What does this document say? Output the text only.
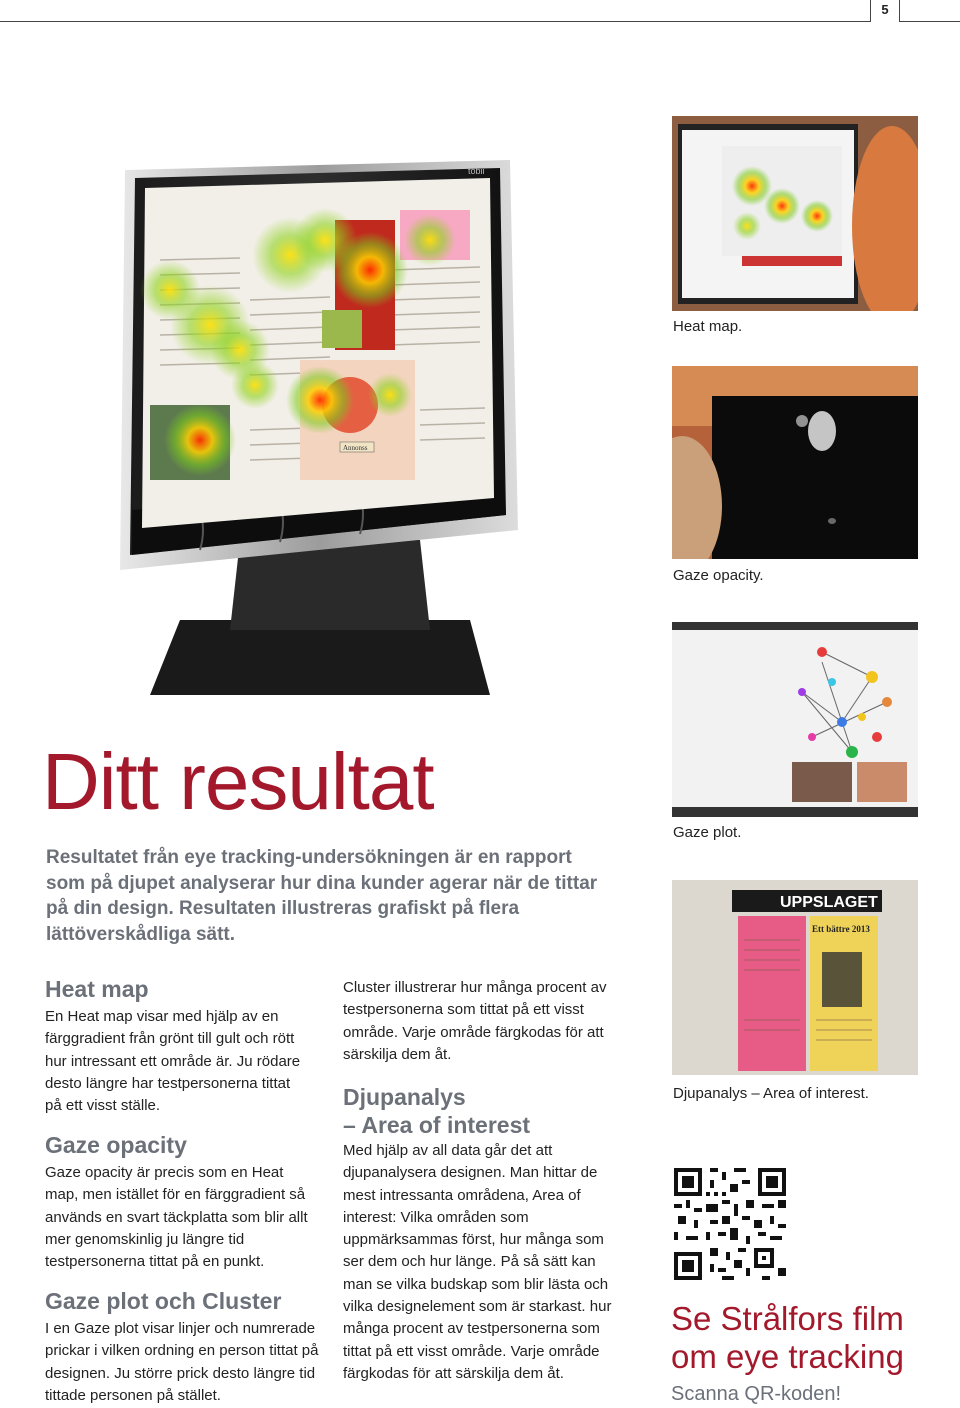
5
Annonss
tobii
Heat map.
Gaze opacity.
Gaze plot.
UPPSLAGET
Ett bättre 2013
Djupanalys – Area of interest.
Ditt resultat

Resultatet från eye tracking-undersökningen är en rapport som på djupet analyserar hur dina kunder agerar när de tittar på din design. Resultaten illustreras grafiskt på flera lättöverskådliga sätt.

Heat map

En Heat map visar med hjälp av en färggradient från grönt till gult och rött hur intressant ett område är. Ju rödare desto längre har testpersonerna tittat på ett visst ställe.

Gaze opacity

Gaze opacity är precis som en Heat map, men istället för en färggradient så används en svart täckplatta som blir allt mer genomskinlig ju längre tid testpersonerna tittat på en punkt.

Gaze plot och Cluster

I en Gaze plot visar linjer och numrerade prickar i vilken ordning en person tittat på designen. Ju större prick desto längre tid tittade personen på stället.

Cluster illustrerar hur många procent av testpersonerna som tittat på ett visst område. Varje område färgkodas för att särskilja dem åt.

Djupanalys
– Area of interest

Med hjälp av all data går det att djupanalysera designen. Man hittar de mest intressanta områdena, Area of interest: Vilka områden som uppmärksammas först, hur många som ser dem och hur länge. På så sätt kan man se vilka budskap som blir lästa och vilka designelement som är starkast. hur många procent av testpersonerna som tittat på ett visst område. Varje område färgkodas för att särskilja dem åt.

Se Strålfors film
om eye tracking
Scanna QR-koden!
